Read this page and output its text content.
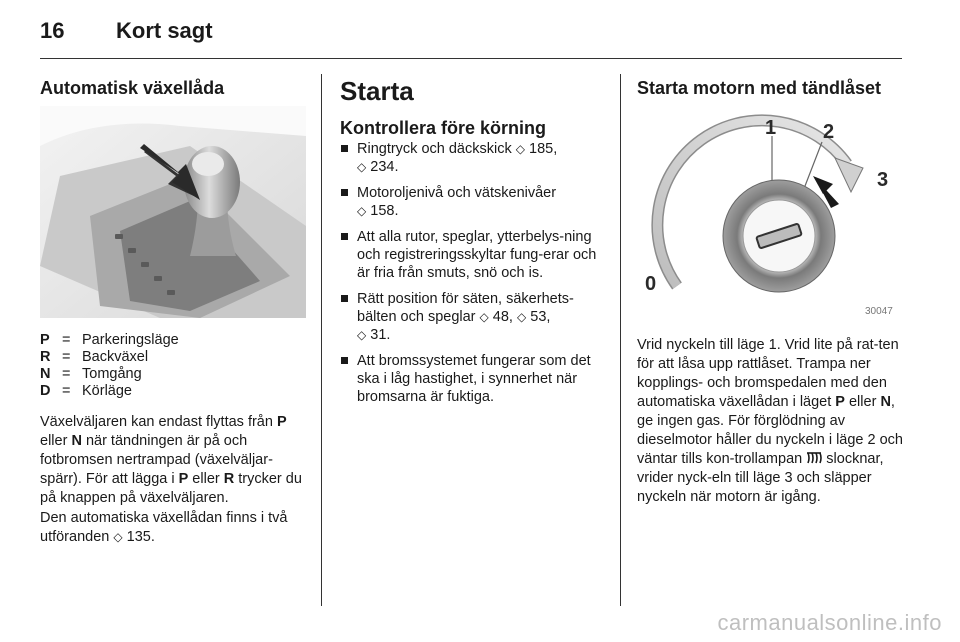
16 Kort sagt
Automatisk växellåda
P = Parkeringsläge
R = Backväxel
N = Tomgång
D = Körläge

Växelväljaren kan endast flyttas från P eller N när tändningen är på och fotbromsen nertrampad (växelväljar-spärr). För att lägga i P eller R trycker du på knappen på växelväljaren.

Den automatiska växellådan finns i två utföranden ◇ 135.

Starta
Kontrollera före körning
Ringtryck och däckskick ◇ 185,
◇ 234.
Motoroljenivå och vätskenivåer
◇ 158.
Att alla rutor, speglar, ytterbelys-ning och registreringsskyltar fung-erar och är fria från smuts, snö och is.
Rätt position för säten, säkerhets-bälten och speglar ◇ 48, ◇ 53,
◇ 31.
Att bromssystemet fungerar som det ska i låg hastighet, i synnerhet när bromsarna är fuktiga.
Starta motorn med tändlåset
1 2
3
0
30047

Vrid nyckeln till läge 1. Vrid lite på rat-ten för att låsa upp rattlåset. Trampa ner kopplings- och bromspedalen med den automatiska växellådan i läget P eller N, ge ingen gas. För förglödning av dieselmotor håller du nyckeln i läge 2 och väntar tills kon-trollampan  slocknar, vrider nyck-eln till läge 3 och släpper nyckeln när motorn är igång.

carmanualsonline.info
